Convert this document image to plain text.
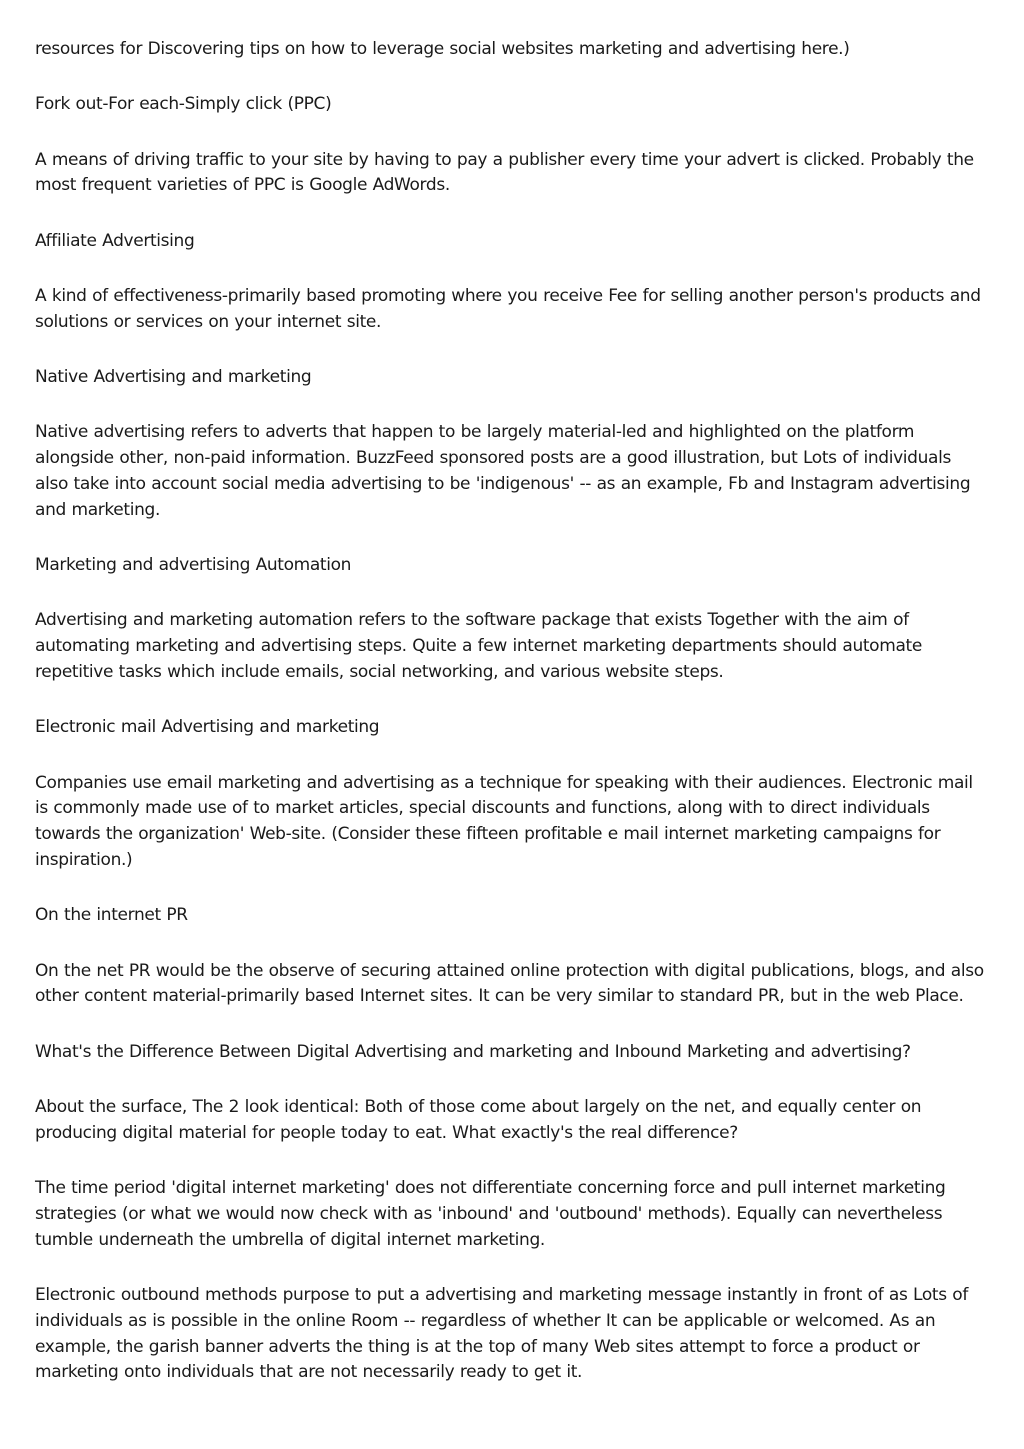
resources for Discovering tips on how to leverage social websites marketing and advertising here.)

Fork out-For each-Simply click (PPC)

A means of driving traffic to your site by having to pay a publisher every time your advert is clicked. Probably the most frequent varieties of PPC is Google AdWords.

Affiliate Advertising

A kind of effectiveness-primarily based promoting where you receive Fee for selling another person's products and solutions or services on your internet site.

Native Advertising and marketing

Native advertising refers to adverts that happen to be largely material-led and highlighted on the platform alongside other, non-paid information. BuzzFeed sponsored posts are a good illustration, but Lots of individuals also take into account social media advertising to be 'indigenous' -- as an example, Fb and Instagram advertising and marketing.

Marketing and advertising Automation

Advertising and marketing automation refers to the software package that exists Together with the aim of automating marketing and advertising steps. Quite a few internet marketing departments should automate repetitive tasks which include emails, social networking, and various website steps.

Electronic mail Advertising and marketing

Companies use email marketing and advertising as a technique for speaking with their audiences. Electronic mail is commonly made use of to market articles, special discounts and functions, along with to direct individuals towards the organization' Web-site. (Consider these fifteen profitable e mail internet marketing campaigns for inspiration.)

On the internet PR

On the net PR would be the observe of securing attained online protection with digital publications, blogs, and also other content material-primarily based Internet sites. It can be very similar to standard PR, but in the web Place.

What's the Difference Between Digital Advertising and marketing and Inbound Marketing and advertising?

About the surface, The 2 look identical: Both of those come about largely on the net, and equally center on producing digital material for people today to eat. What exactly's the real difference?

The time period 'digital internet marketing' does not differentiate concerning force and pull internet marketing strategies (or what we would now check with as 'inbound' and 'outbound' methods). Equally can nevertheless tumble underneath the umbrella of digital internet marketing.

Electronic outbound methods purpose to put a advertising and marketing message instantly in front of as Lots of individuals as is possible in the online Room -- regardless of whether It can be applicable or welcomed. As an example, the garish banner adverts the thing is at the top of many Web sites attempt to force a product or marketing onto individuals that are not necessarily ready to get it.
